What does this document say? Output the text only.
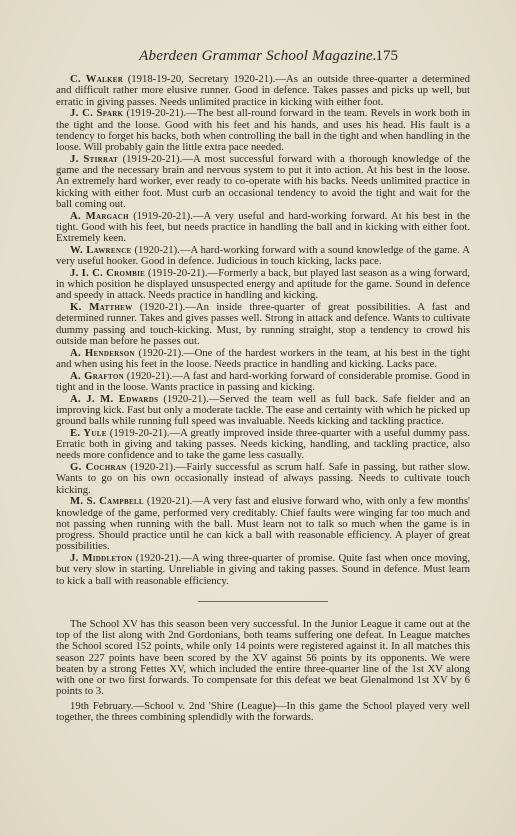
Aberdeen Grammar School Magazine.
175

C. Walker (1918-19-20, Secretary 1920-21).—As an outside three-quarter a determined and difficult rather more elusive runner. Good in defence. Takes passes and picks up well, but erratic in giving passes. Needs unlimited practice in kicking with either foot.

J. C. Spark (1919-20-21).—The best all-round forward in the team. Revels in work both in the tight and the loose. Good with his feet and his hands, and uses his head. His fault is a tendency to forget his backs, both when controlling the ball in the tight and when handling in the loose. Will probably gain the little extra pace needed.

J. Stirrat (1919-20-21).—A most successful forward with a thorough knowledge of the game and the necessary brain and nervous system to put it into action. At his best in the loose. An extremely hard worker, ever ready to co-operate with his backs. Needs unlimited practice in kicking with either foot. Must curb an occasional tendency to avoid the tight and wait for the ball coming out.

A. Margach (1919-20-21).—A very useful and hard-working forward. At his best in the tight. Good with his feet, but needs practice in handling the ball and in kicking with either foot. Extremely keen.

W. Lawrence (1920-21).—A hard-working forward with a sound knowledge of the game. A very useful hooker. Good in defence. Judicious in touch kicking, lacks pace.

J. I. C. Crombie (1919-20-21).—Formerly a back, but played last season as a wing forward, in which position he displayed unsuspected energy and aptitude for the game. Sound in defence and speedy in attack. Needs practice in handling and kicking.

K. Matthew (1920-21).—An inside three-quarter of great possibilities. A fast and determined runner. Takes and gives passes well. Strong in attack and defence. Wants to cultivate dummy passing and touch-kicking. Must, by running straight, stop a tendency to crowd his outside man before he passes out.

A. Henderson (1920-21).—One of the hardest workers in the team, at his best in the tight and when using his feet in the loose. Needs practice in handling and kicking. Lacks pace.

A. Grafton (1920-21).—A fast and hard-working forward of considerable promise. Good in tight and in the loose. Wants practice in passing and kicking.

A. J. M. Edwards (1920-21).—Served the team well as full back. Safe fielder and an improving kick. Fast but only a moderate tackle. The ease and certainty with which he picked up ground balls while running full speed was invaluable. Needs kicking and tackling practice.

E. Yule (1919-20-21).—A greatly improved inside three-quarter with a useful dummy pass. Erratic both in giving and taking passes. Needs kicking, handling, and tackling practice, also needs more confidence and to take the game less casually.

G. Cochran (1920-21).—Fairly successful as scrum half. Safe in passing, but rather slow. Wants to go on his own occasionally instead of always passing. Needs to cultivate touch kicking.

M. S. Campbell (1920-21).—A very fast and elusive forward who, with only a few months' knowledge of the game, performed very creditably. Chief faults were winging far too much and not passing when running with the ball. Must learn not to talk so much when the game is in progress. Should practice until he can kick a ball with reasonable efficiency. A player of great possibilities.

J. Middleton (1920-21).—A wing three-quarter of promise. Quite fast when once moving, but very slow in starting. Unreliable in giving and taking passes. Sound in defence. Must learn to kick a ball with reasonable efficiency.

The School XV has this season been very successful. In the Junior League it came out at the top of the list along with 2nd Gordonians, both teams suffering one defeat. In League matches the School scored 152 points, while only 14 points were registered against it. In all matches this season 227 points have been scored by the XV against 56 points by its opponents. We were beaten by a strong Fettes XV, which included the entire three-quarter line of the 1st XV along with one or two first forwards. To compensate for this defeat we beat Glenalmond 1st XV by 6 points to 3.

19th February.—School v. 2nd 'Shire (League)—In this game the School played very well together, the threes combining splendidly with the forwards.
